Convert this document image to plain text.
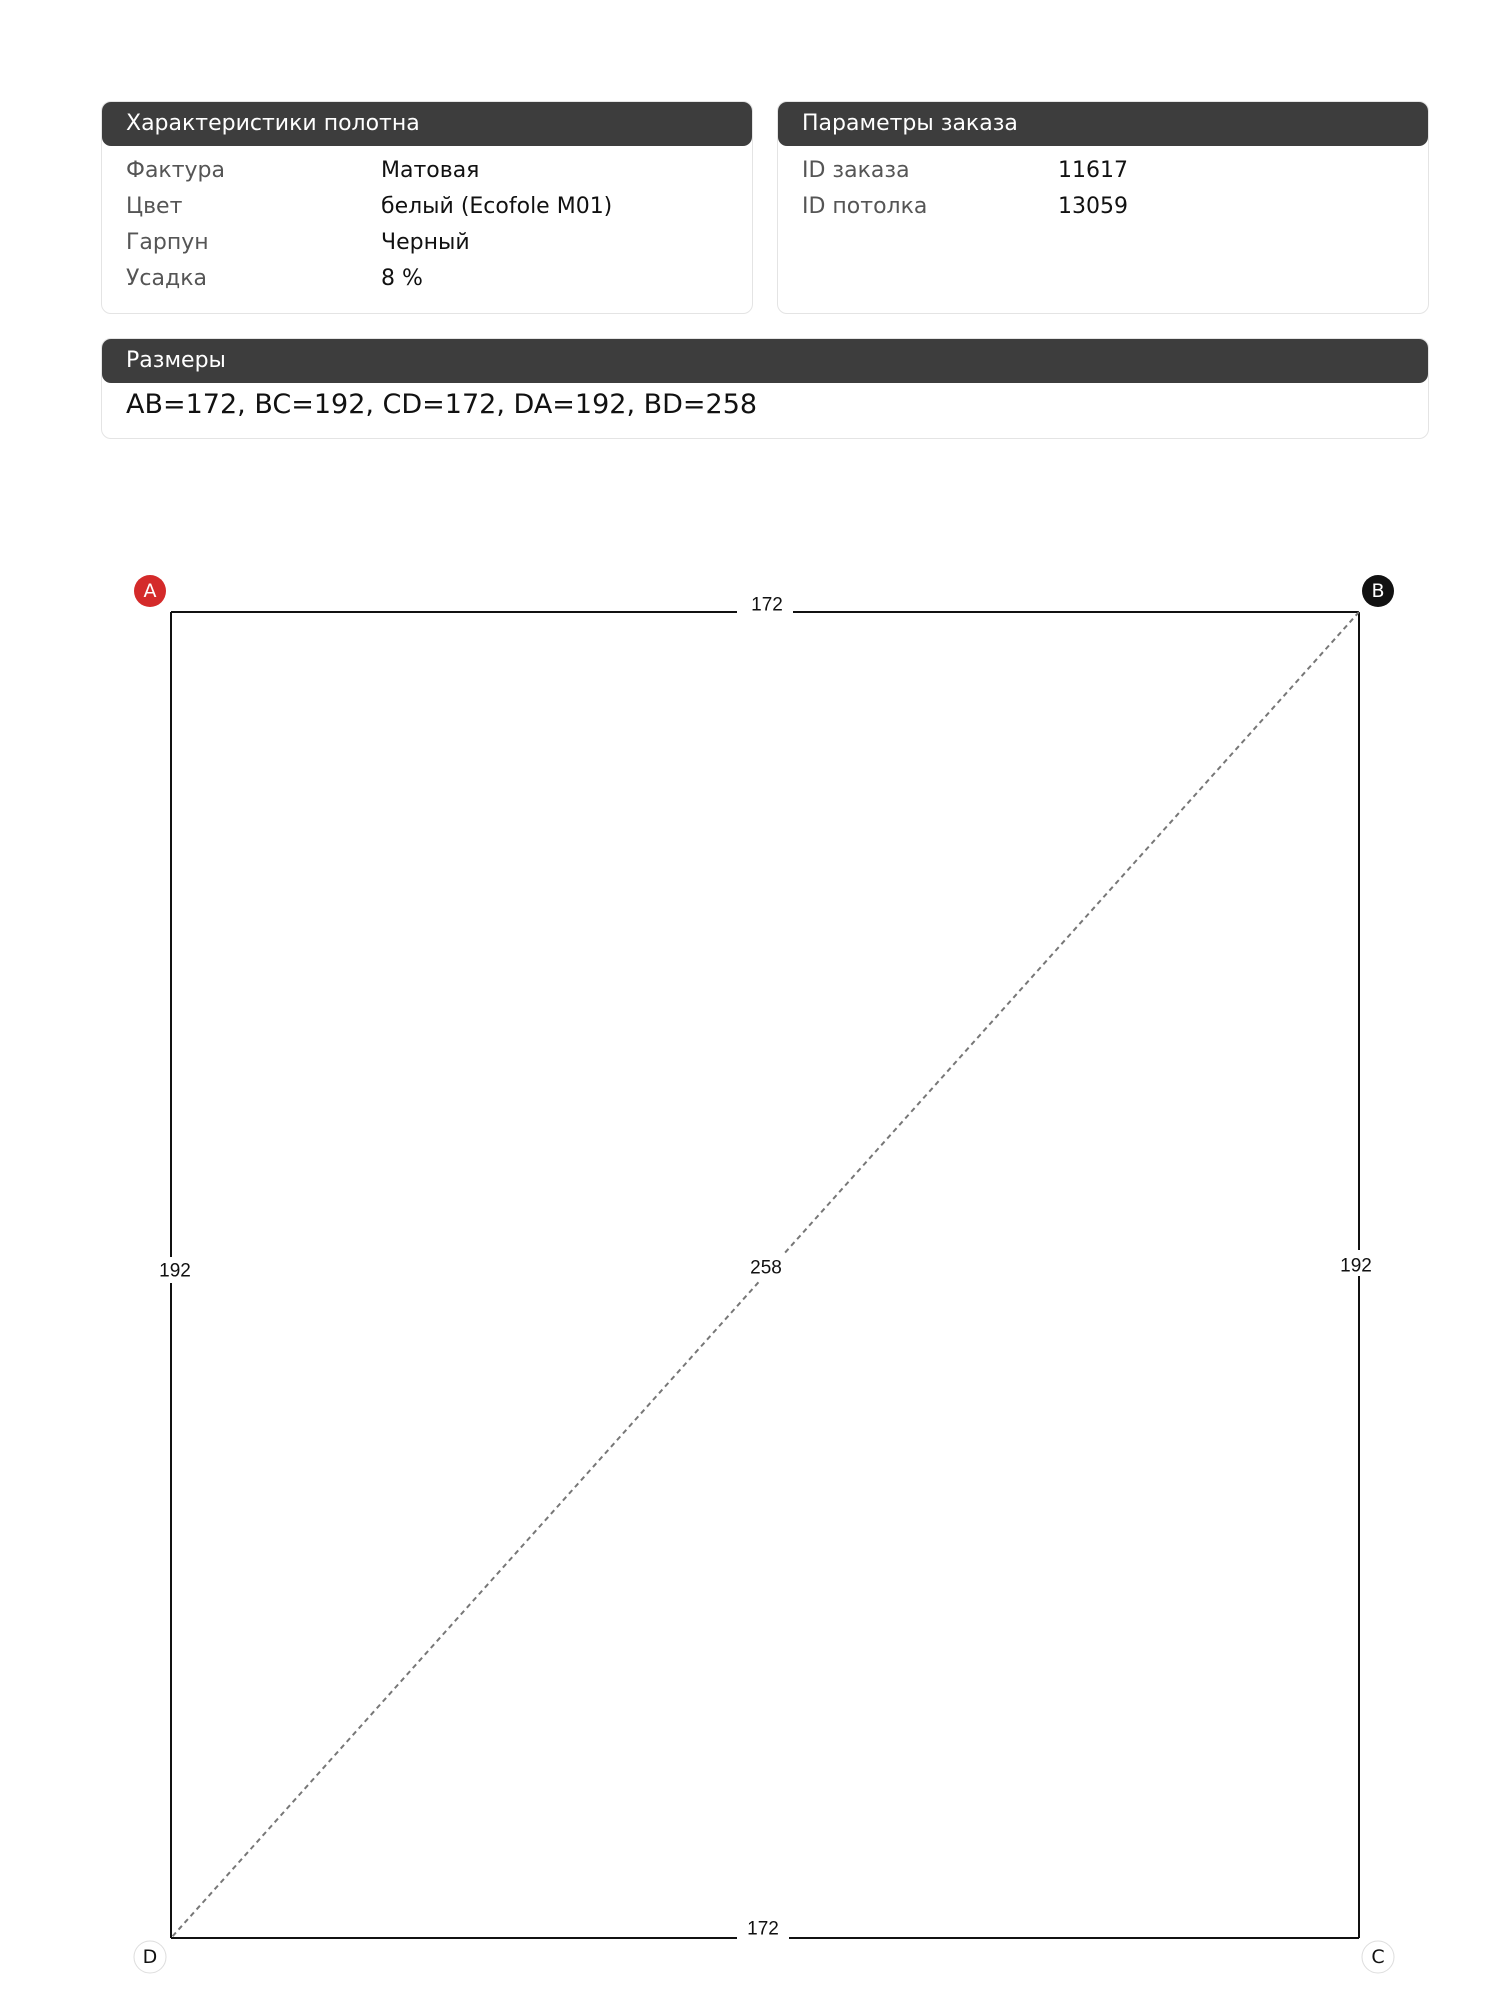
Характеристики полотна
Фактура	Матовая
Цвет	белый (Ecofole M01)
Гарпун	Черный
Усадка	8 %
Параметры заказа
ID заказа	11617
ID потолка	13059
Размеры
AB=172, BC=192, CD=172, DA=192, BD=258
172
192
172
192	258
A	B
C
D
